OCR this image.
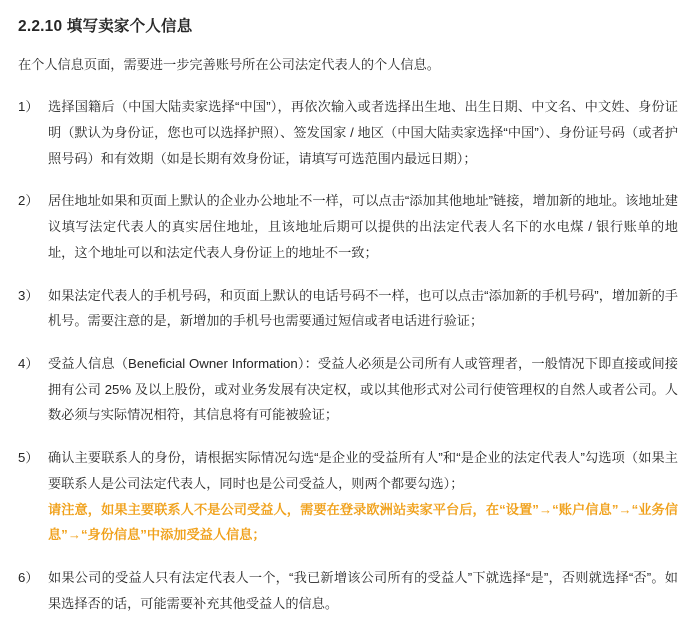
2.2.10 填写卖家个人信息

在个人信息页面，需要进一步完善账号所在公司法定代表人的个人信息。

1） 选择国籍后（中国大陆卖家选择“中国”），再依次输入或者选择出生地、出生日期、中文名、中文姓、身份证明（默认为身份证，您也可以选择护照）、签发国家 / 地区（中国大陆卖家选择“中国”）、身份证号码（或者护照号码）和有效期（如是长期有效身份证，请填写可选范围内最远日期）；
2） 居住地址如果和页面上默认的企业办公地址不一样，可以点击“添加其他地址”链接，增加新的地址。该地址建议填写法定代表人的真实居住地址，且该地址后期可以提供的出法定代表人名下的水电煤 / 银行账单的地址，这个地址可以和法定代表人身份证上的地址不一致；
3） 如果法定代表人的手机号码，和页面上默认的电话号码不一样，也可以点击“添加新的手机号码”，增加新的手机号。需要注意的是，新增加的手机号也需要通过短信或者电话进行验证；
4） 受益人信息（Beneficial Owner Information）：受益人必须是公司所有人或管理者，一般情况下即直接或间接拥有公司 25% 及以上股份，或对业务发展有决定权，或以其他形式对公司行使管理权的自然人或者公司。人数必须与实际情况相符，其信息将有可能被验证；
5） 确认主要联系人的身份，请根据实际情况勾选“是企业的受益所有人”和“是企业的法定代表人”勾选项（如果主要联系人是公司法定代表人，同时也是公司受益人，则两个都要勾选）；
请注意，如果主要联系人不是公司受益人，需要在登录欧洲站卖家平台后，在“设置”→“账户信息”→“业务信息”→“身份信息”中添加受益人信息；
6） 如果公司的受益人只有法定代表人一个，“我已新增该公司所有的受益人”下就选择“是”，否则就选择“否”。如果选择否的话，可能需要补充其他受益人的信息。
